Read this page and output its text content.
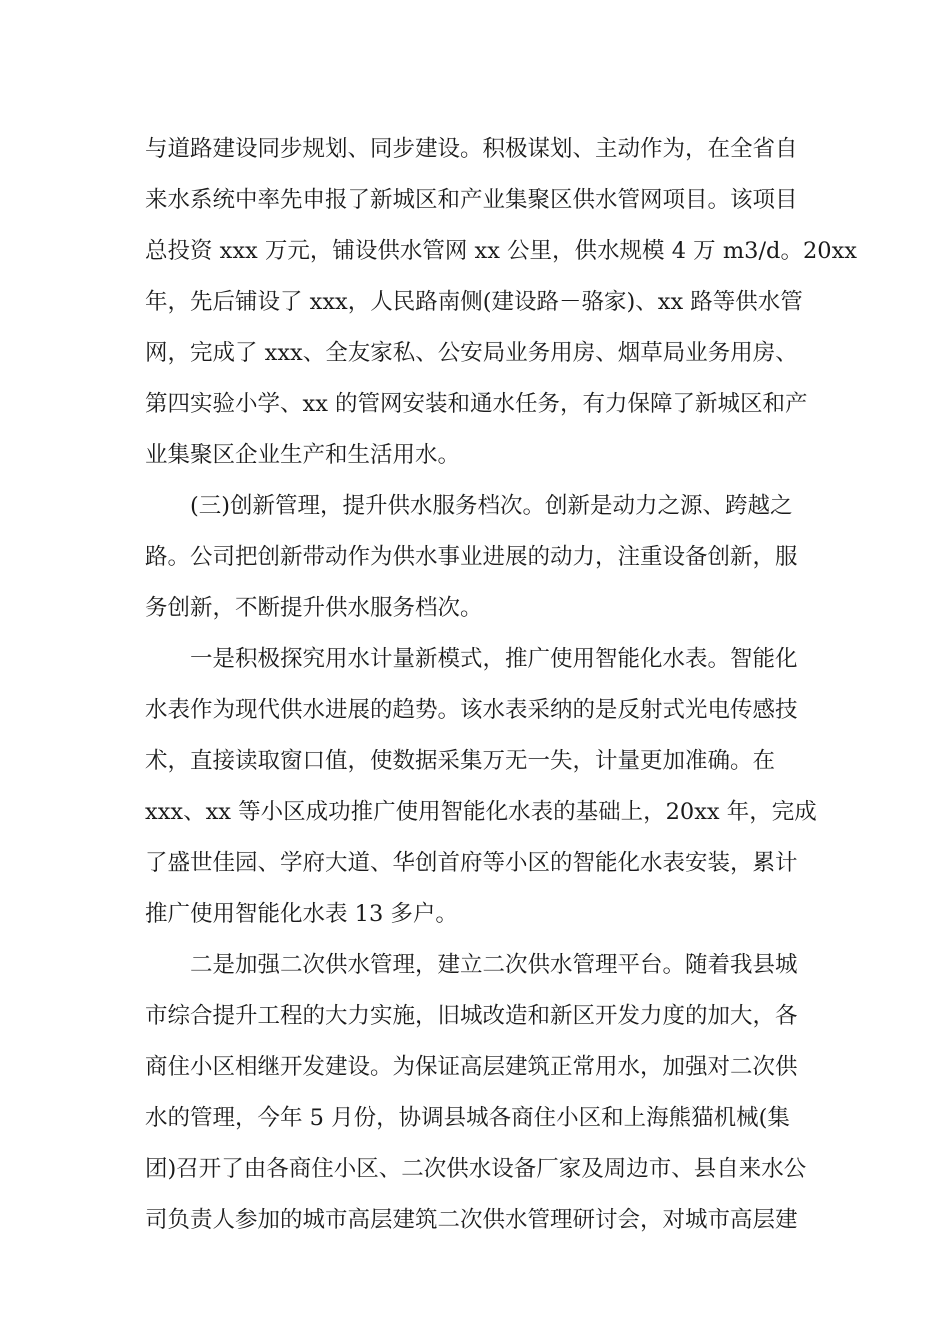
与道路建设同步规划、同步建设。积极谋划、主动作为，在全省自
来水系统中率先申报了新城区和产业集聚区供水管网项目。该项目
总投资 xxx 万元，铺设供水管网 xx 公里，供水规模 4 万 m3/d。20xx
年，先后铺设了 xxx，人民路南侧(建设路－骆家)、xx 路等供水管
网，完成了 xxx、全友家私、公安局业务用房、烟草局业务用房、
第四实验小学、xx 的管网安装和通水任务，有力保障了新城区和产
业集聚区企业生产和生活用水。
(三)创新管理，提升供水服务档次。创新是动力之源、跨越之
路。公司把创新带动作为供水事业进展的动力，注重设备创新，服
务创新，不断提升供水服务档次。
一是积极探究用水计量新模式，推广使用智能化水表。智能化
水表作为现代供水进展的趋势。该水表采纳的是反射式光电传感技
术，直接读取窗口值，使数据采集万无一失，计量更加准确。在
xxx、xx 等小区成功推广使用智能化水表的基础上，20xx 年，完成
了盛世佳园、学府大道、华创首府等小区的智能化水表安装，累计
推广使用智能化水表 13 多户。
二是加强二次供水管理，建立二次供水管理平台。随着我县城
市综合提升工程的大力实施，旧城改造和新区开发力度的加大，各
商住小区相继开发建设。为保证高层建筑正常用水，加强对二次供
水的管理，今年 5 月份，协调县城各商住小区和上海熊猫机械(集
团)召开了由各商住小区、二次供水设备厂家及周边市、县自来水公
司负责人参加的城市高层建筑二次供水管理研讨会，对城市高层建
